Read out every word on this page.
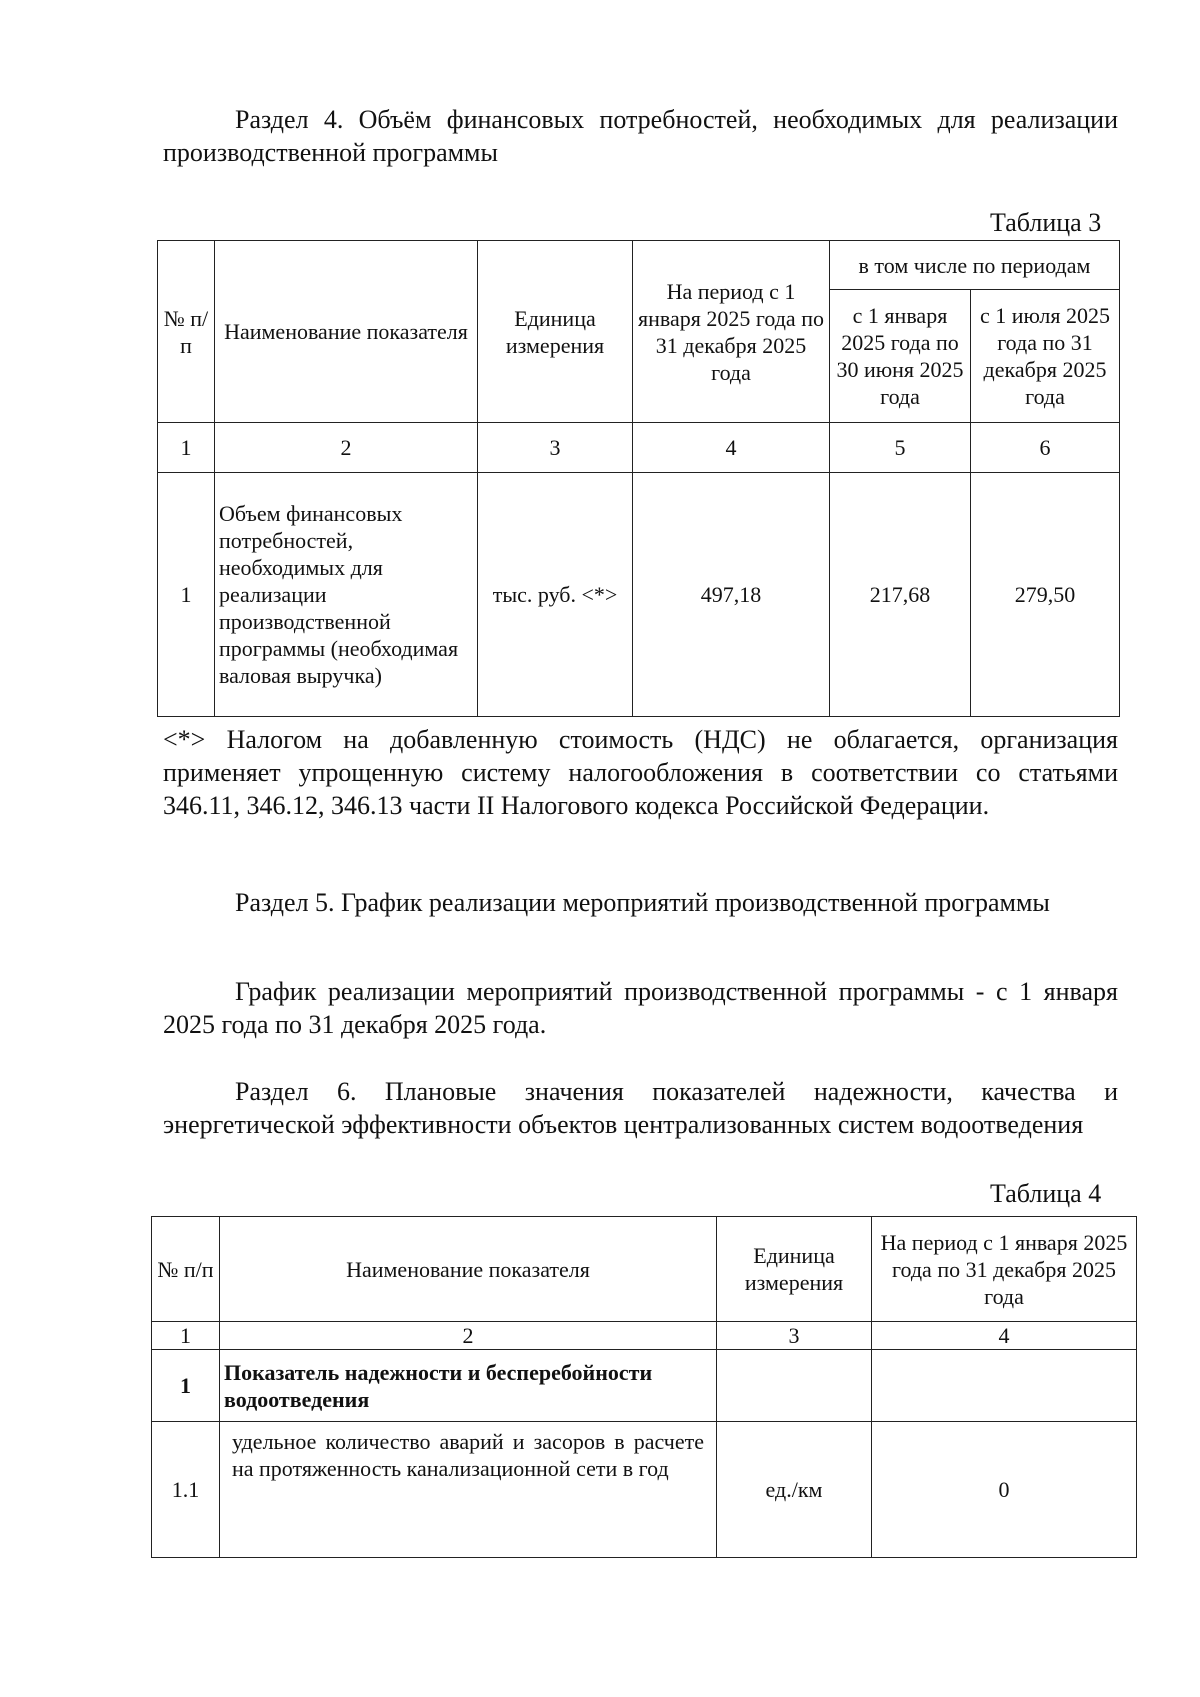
Раздел 4. Объём финансовых потребностей, необходимых для реализации производственной программы
Таблица 3
№ п/п	Наименование показателя	Единица измерения	На период с 1 января 2025 года по 31 декабря 2025 года	в том числе по периодам	
				с 1 января 2025 года по 30 июня 2025 года	с 1 июля 2025 года по 31 декабря 2025 года
1	2	3	4	5	6
1	Объем финансовых потребностей, необходимых для реализации производственной программы (необходимая валовая выручка)	тыс. руб. <*>	497,18	217,68	279,50
<*> Налогом на добавленную стоимость (НДС) не облагается, организация применяет упрощенную систему налогообложения в соответствии со статьями 346.11, 346.12, 346.13 части II Налогового кодекса Российской Федерации.
Раздел 5. График реализации мероприятий производственной программы
График реализации мероприятий производственной программы - с 1 января 2025 года по 31 декабря 2025 года.
Раздел 6. Плановые значения показателей надежности, качества и энергетической эффективности объектов централизованных систем водоотведения
Таблица 4
№ п/п	Наименование показателя	Единица измерения	На период с 1 января 2025 года по 31 декабря 2025 года
1	2	3	4
1	Показатель надежности и бесперебойности водоотведения		
1.1	удельное количество аварий и засоров в расчете на протяженность канализационной сети в год	ед./км	0
